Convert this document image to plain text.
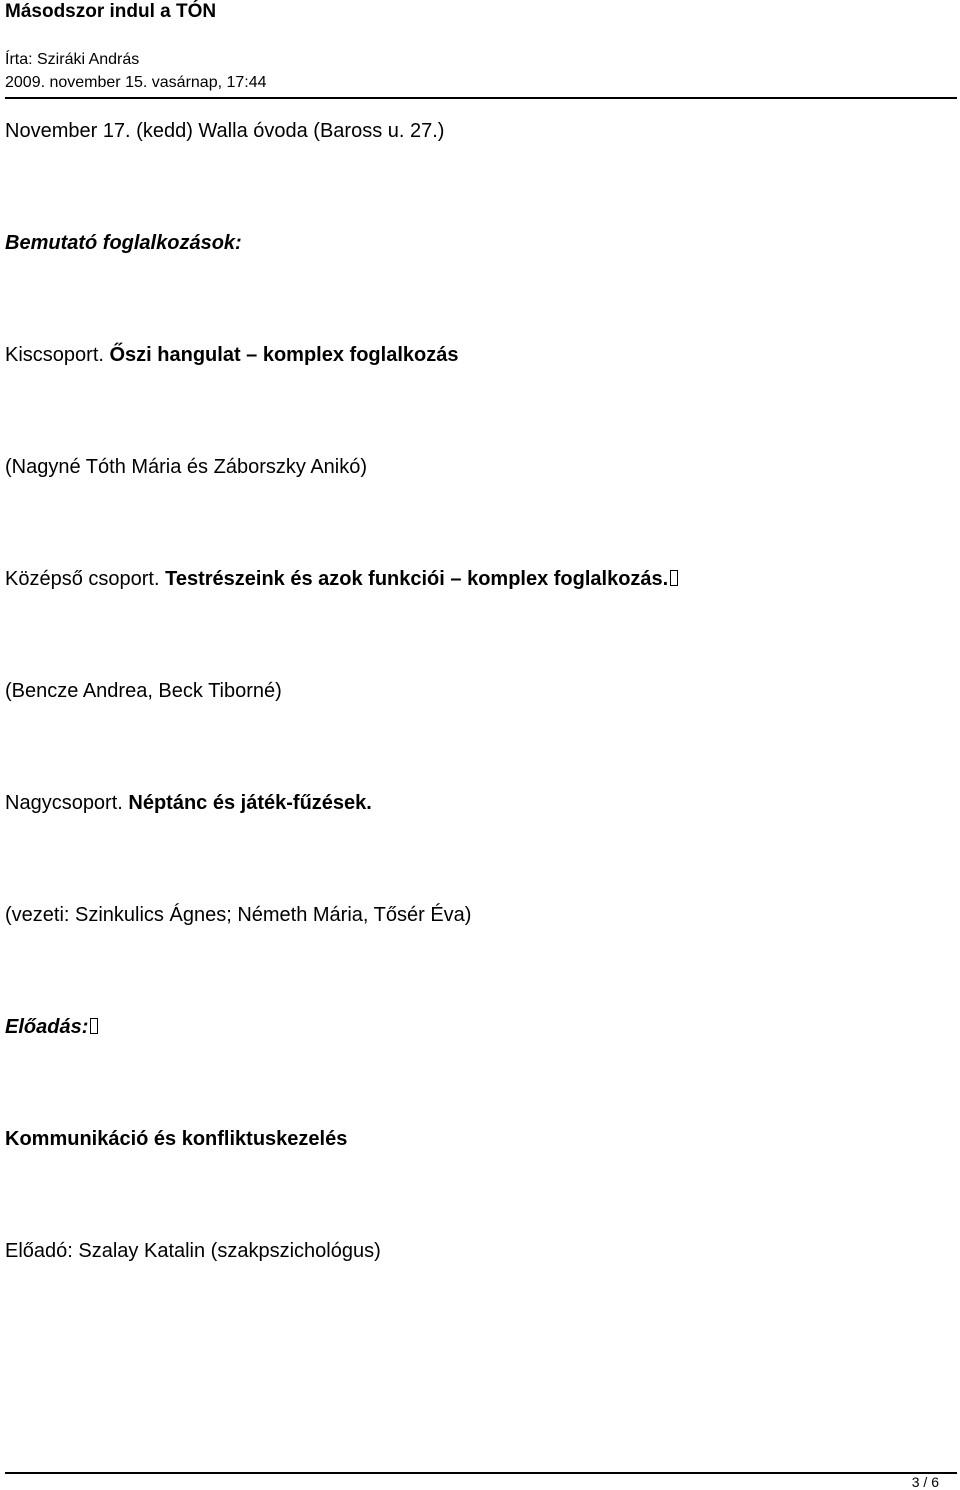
Másodszor indul a TÓN
Írta: Sziráki András
2009. november 15. vasárnap, 17:44
November 17. (kedd) Walla óvoda (Baross u. 27.)
Bemutató foglalkozások:
Kiscsoport. Őszi hangulat – komplex foglalkozás
(Nagyné Tóth Mária és Záborszky Anikó)
Középső csoport. Testrészeink és azok funkciói – komplex foglalkozás.
(Bencze Andrea, Beck Tiborné)
Nagycsoport. Néptánc és játék-fűzések.
(vezeti: Szinkulics Ágnes; Németh Mária, Tősér Éva)
Előadás:
Kommunikáció és konfliktuskezelés
Előadó: Szalay Katalin (szakpszichológus)
3 / 6
